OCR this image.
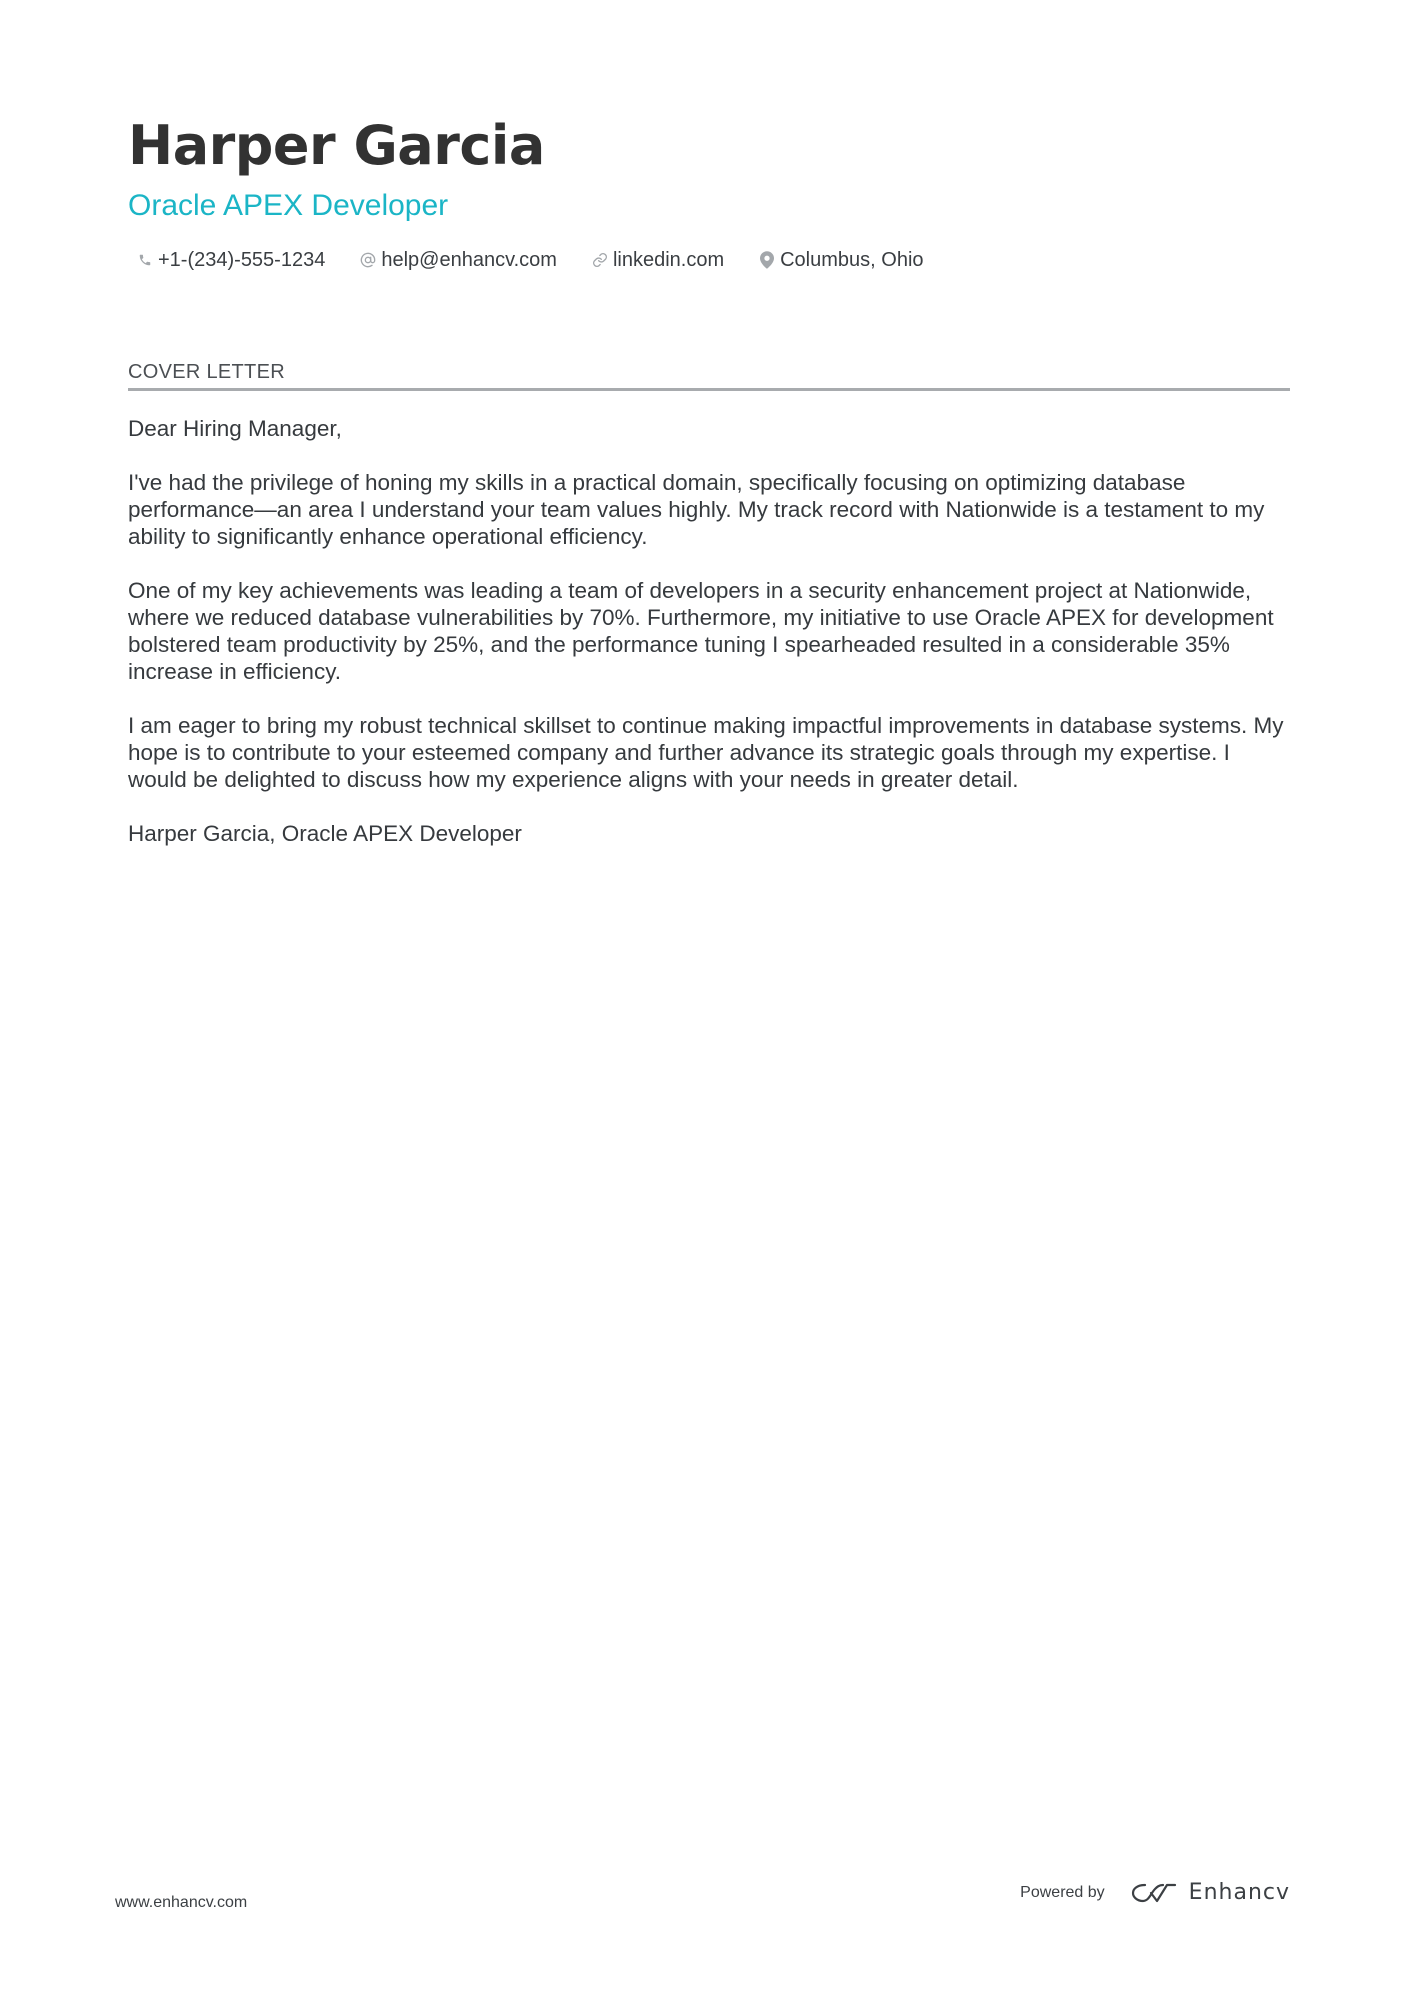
Harper Garcia
Oracle APEX Developer
+1-(234)-555-1234	help@enhancv.com	linkedin.com	Columbus, Ohio
COVER LETTER

Dear Hiring Manager,

I've had the privilege of honing my skills in a practical domain, specifically focusing on optimizing database performance—an area I understand your team values highly. My track record with Nationwide is a testament to my ability to significantly enhance operational efficiency.

One of my key achievements was leading a team of developers in a security enhancement project at Nationwide, where we reduced database vulnerabilities by 70%. Furthermore, my initiative to use Oracle APEX for development bolstered team productivity by 25%, and the performance tuning I spearheaded resulted in a considerable 35% increase in efficiency.

I am eager to bring my robust technical skillset to continue making impactful improvements in database systems. My hope is to contribute to your esteemed company and further advance its strategic goals through my expertise. I would be delighted to discuss how my experience aligns with your needs in greater detail.

Harper Garcia, Oracle APEX Developer

www.enhancv.com
Powered by	Enhancv
